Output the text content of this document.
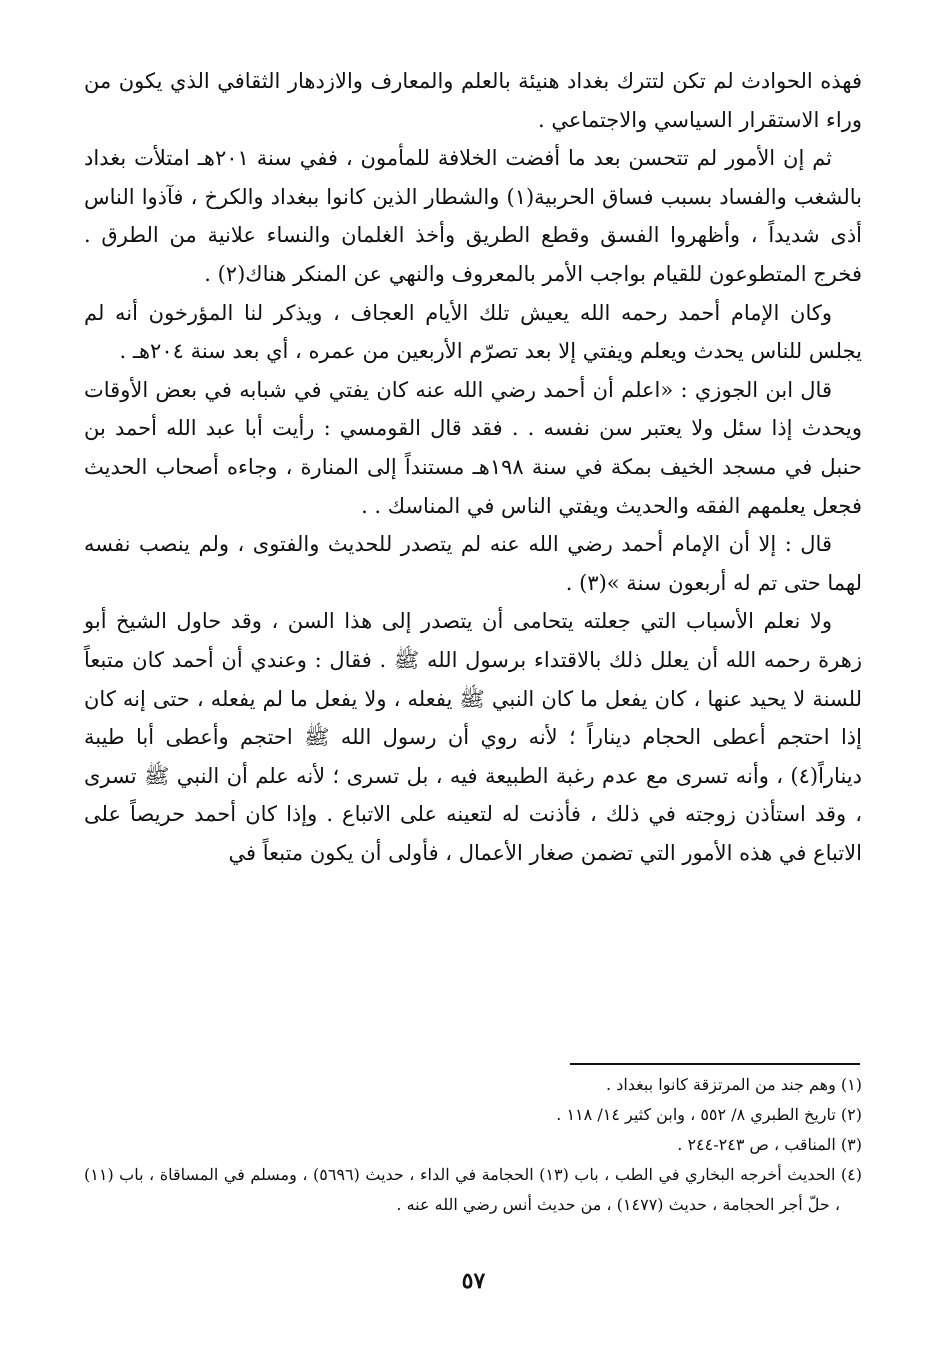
فهذه الحوادث لم تكن لتترك بغداد هنيئة بالعلم والمعارف والازدهار الثقافي الذي يكون من وراء الاستقرار السياسي والاجتماعي .

ثم إن الأمور لم تتحسن بعد ما أفضت الخلافة للمأمون ، ففي سنة ٢٠١هـ امتلأت بغداد بالشغب والفساد بسبب فساق الحربية(١) والشطار الذين كانوا ببغداد والكرخ ، فآذوا الناس أذى شديداً ، وأظهروا الفسق وقطع الطريق وأخذ الغلمان والنساء علانية من الطرق . فخرج المتطوعون للقيام بواجب الأمر بالمعروف والنهي عن المنكر هناك(٢) .

وكان الإمام أحمد رحمه الله يعيش تلك الأيام العجاف ، ويذكر لنا المؤرخون أنه لم يجلس للناس يحدث ويعلم ويفتي إلا بعد تصرّم الأربعين من عمره ، أي بعد سنة ٢٠٤هـ .

قال ابن الجوزي : «اعلم أن أحمد رضي الله عنه كان يفتي في شبابه في بعض الأوقات ويحدث إذا سئل ولا يعتبر سن نفسه . . فقد قال القومسي : رأيت أبا عبد الله أحمد بن حنبل في مسجد الخيف بمكة في سنة ١٩٨هـ مستنداً إلى المنارة ، وجاءه أصحاب الحديث فجعل يعلمهم الفقه والحديث ويفتي الناس في المناسك . .

قال : إلا أن الإمام أحمد رضي الله عنه لم يتصدر للحديث والفتوى ، ولم ينصب نفسه لهما حتى تم له أربعون سنة »(٣) .

ولا نعلم الأسباب التي جعلته يتحامى أن يتصدر إلى هذا السن ، وقد حاول الشيخ أبو زهرة رحمه الله أن يعلل ذلك بالاقتداء برسول الله ﷺ . فقال : وعندي أن أحمد كان متبعاً للسنة لا يحيد عنها ، كان يفعل ما كان النبي ﷺ يفعله ، ولا يفعل ما لم يفعله ، حتى إنه كان إذا احتجم أعطى الحجام ديناراً ؛ لأنه روي أن رسول الله ﷺ احتجم وأعطى أبا طيبة ديناراً(٤) ، وأنه تسرى مع عدم رغبة الطبيعة فيه ، بل تسرى ؛ لأنه علم أن النبي ﷺ تسرى ، وقد استأذن زوجته في ذلك ، فأذنت له لتعينه على الاتباع . وإذا كان أحمد حريصاً على الاتباع في هذه الأمور التي تضمن صغار الأعمال ، فأولى أن يكون متبعاً في

(١) وهم جند من المرتزقة كانوا ببغداد .

(٢) تاريخ الطبري ٨/ ٥٥٢ ، وابن كثير ١٤/ ١١٨ .

(٣) المناقب ، ص ٢٤٣-٢٤٤ .

(٤) الحديث أخرجه البخاري في الطب ، باب (١٣) الحجامة في الداء ، حديث (٥٦٩٦) ، ومسلم في المساقاة ، باب (١١) ، حلّ أجر الحجامة ، حديث (١٤٧٧) ، من حديث أنس رضي الله عنه .

٥٧
